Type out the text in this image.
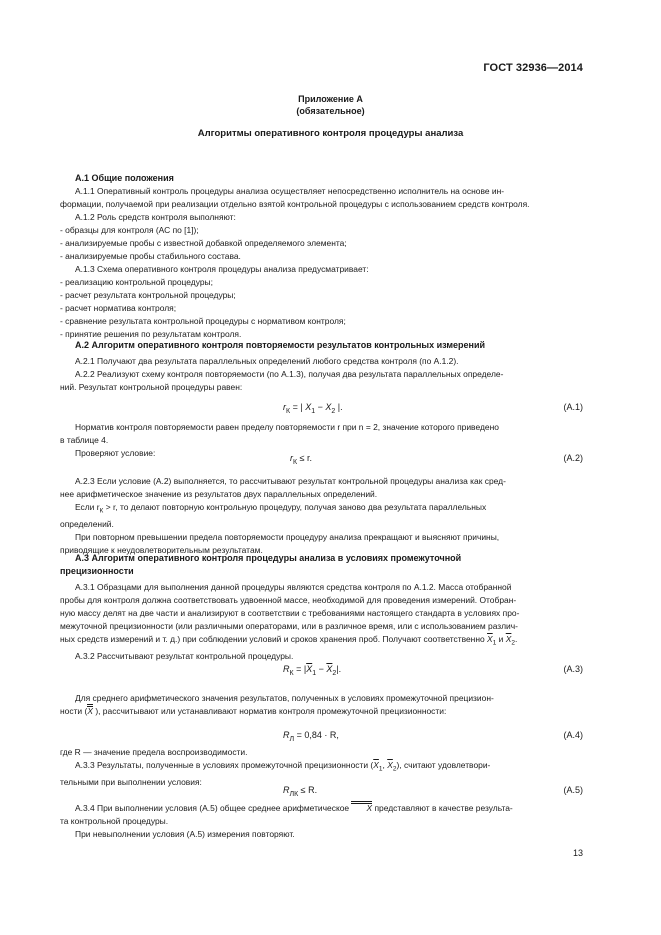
ГОСТ 32936—2014
Приложение А
(обязательное)
Алгоритмы оперативного контроля процедуры анализа
А.1 Общие положения
А.1.1 Оперативный контроль процедуры анализа осуществляет непосредственно исполнитель на основе ин-
формации, получаемой при реализации отдельно взятой контрольной процедуры с использованием средств контроля.
А.1.2 Роль средств контроля выполняют:
- образцы для контроля (АС по [1]);
- анализируемые пробы с известной добавкой определяемого элемента;
- анализируемые пробы стабильного состава.
А.1.3 Схема оперативного контроля процедуры анализа предусматривает:
- реализацию контрольной процедуры;
- расчет результата контрольной процедуры;
- расчет норматива контроля;
- сравнение результата контрольной процедуры с нормативом контроля;
- принятие решения по результатам контроля.
А.2 Алгоритм оперативного контроля повторяемости результатов контрольных измерений
А.2.1 Получают два результата параллельных определений любого средства контроля (по А.1.2).
А.2.2 Реализуют схему контроля повторяемости (по А.1.3), получая два результата параллельных определе-
ний. Результат контрольной процедуры равен:
$r_К$ = | $X_1 - X_2$ |.	(А.1)
Норматив контроля повторяемости равен пределу повторяемости r при n = 2, значение которого приведено
в таблице 4.
Проверяют условие:	$r_К \le r$.	(А.2)
А.2.3 Если условие (А.2) выполняется, то рассчитывают результат контрольной процедуры анализа как сред-
нее арифметическое значение из результатов двух параллельных определений.
Если $r_К > r$, то делают повторную контрольную процедуру, получая заново два результата параллельных
определений.
При повторном превышении предела повторяемости процедуру анализа прекращают и выясняют причины,
приводящие к неудовлетворительным результатам.
А.3 Алгоритм оперативного контроля процедуры анализа в условиях промежуточной
прецизионности
А.3.1 Образцами для выполнения данной процедуры являются средства контроля по А.1.2. Масса отобранной
пробы для контроля должна соответствовать удвоенной массе, необходимой для проведения измерений. Отобран-
ную массу делят на две части и анализируют в соответствии с требованиями настоящего стандарта в условиях про-
межуточной прецизионности (или различными операторами, или в различное время, или с использованием различ-
ных средств измерений и т. д.) при соблюдении условий и сроков хранения проб. Получают соответственно $\overline{X}_1$ и $\overline{X}_2$.
А.3.2 Рассчитывают результат контрольной процедуры.
$R_К = |\overline{X}_1 - \overline{X}_2|$.	(А.3)
Для среднего арифметического значения результатов, полученных в условиях промежуточной прецизион-
ности (X ), рассчитывают или устанавливают норматив контроля промежуточной прецизионности:
$R_Л = 0,84 \cdot R$,	(А.4)
где R — значение предела воспроизводимости.
А.3.3 Результаты, полученные в условиях промежуточной прецизионности ($\overline{X}_1$, $\overline{X}_2$), считают удовлетвори-
тельными при выполнении условия:
$R_{ЛК} \le R$.	(А.5)
А.3.4 При выполнении условия (А.5) общее среднее арифметическое X представляют в качестве результа-
та контрольной процедуры.
При невыполнении условия (А.5) измерения повторяют.
13
